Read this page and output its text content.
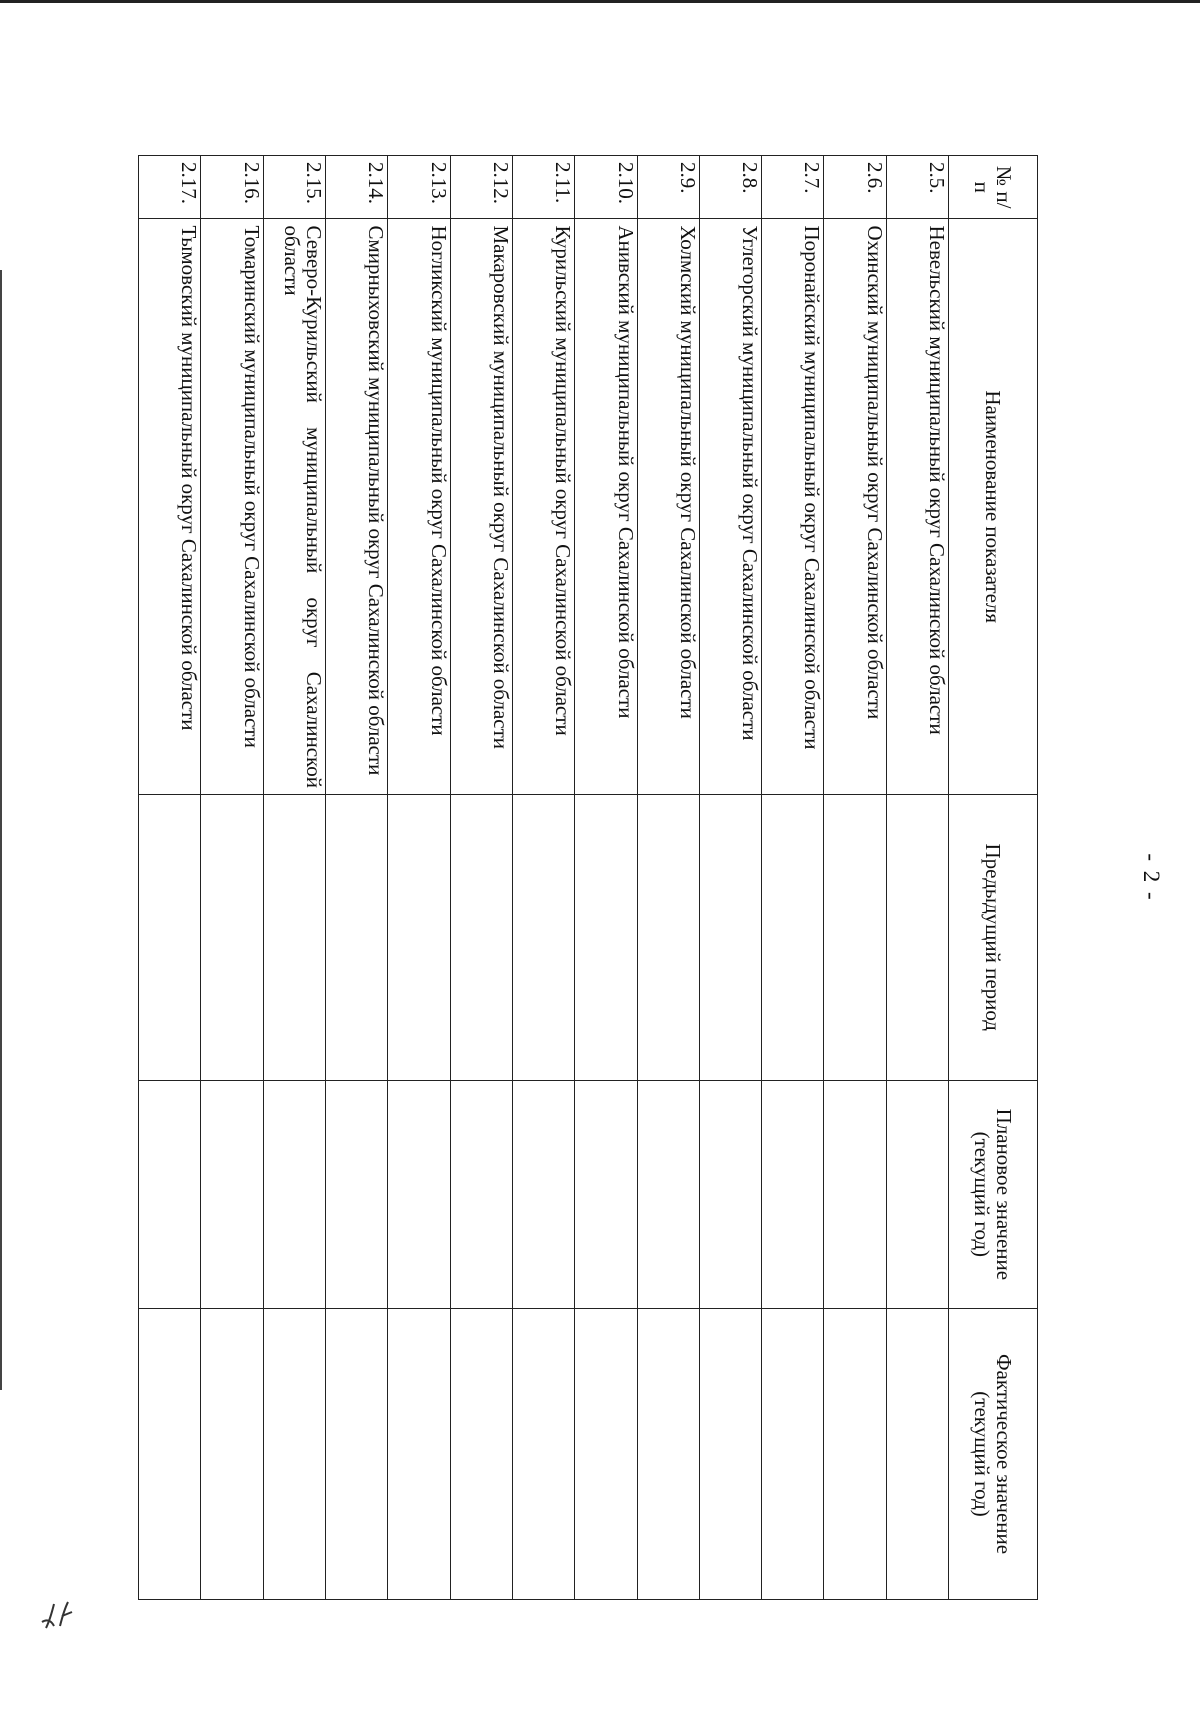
- 2 -
№ п/п	Наименование показателя	Предыдущий период	Плановое значение (текущий год)	Фактическое значение (текущий год)
2.5.	Невельский муниципальный округ Сахалинской области			
2.6.	Охинский муниципальный округ Сахалинской области			
2.7.	Поронайский муниципальный округ Сахалинской области			
2.8.	Углегорский муниципальный округ Сахалинской области			
2.9.	Холмский муниципальный округ Сахалинской области			
2.10.	Анивский муниципальный округ Сахалинской области			
2.11.	Курильский муниципальный округ Сахалинской области			
2.12.	Макаровский муниципальный округ Сахалинской области			
2.13.	Ногликский муниципальный округ Сахалинской области			
2.14.	Смирныховский муниципальный округ Сахалинской области			
2.15.	Северо-Курильский муниципальный округ Сахалинской области			
2.16.	Томаринский муниципальный округ Сахалинской области			
2.17.	Тымовский муниципальный округ Сахалинской области			
